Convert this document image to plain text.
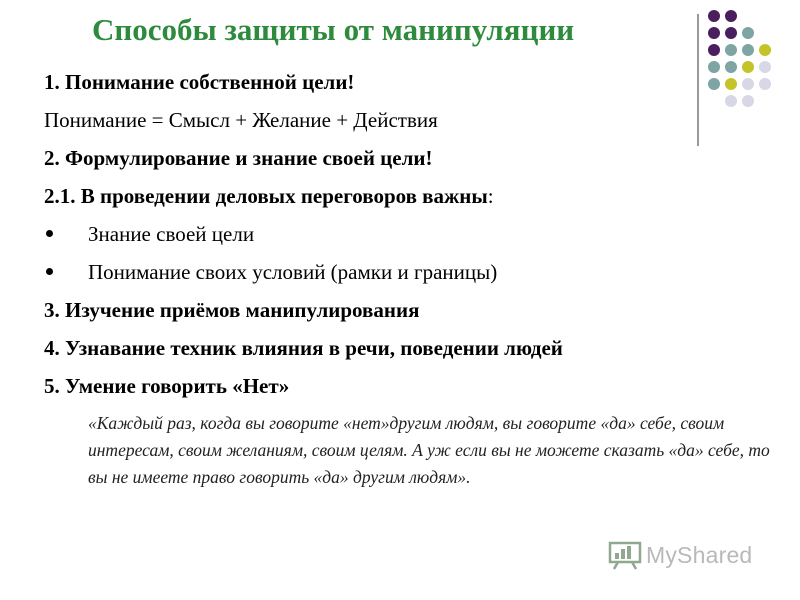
Способы защиты от манипуляции
1. Понимание собственной цели!
Понимание = Смысл + Желание + Действия
2. Формулирование и знание своей цели!
2.1. В проведении деловых переговоров важны:
Знание своей цели
Понимание своих условий (рамки и границы)
3. Изучение приёмов манипулирования
4. Узнавание техник влияния в речи, поведении людей
5. Умение говорить «Нет»
«Каждый раз, когда вы говорите «нет»другим людям, вы говорите «да» себе, своим интересам, своим желаниям, своим целям. А уж если вы не можете сказать «да» себе, то вы не имеете право говорить «да» другим людям».
MyShared
